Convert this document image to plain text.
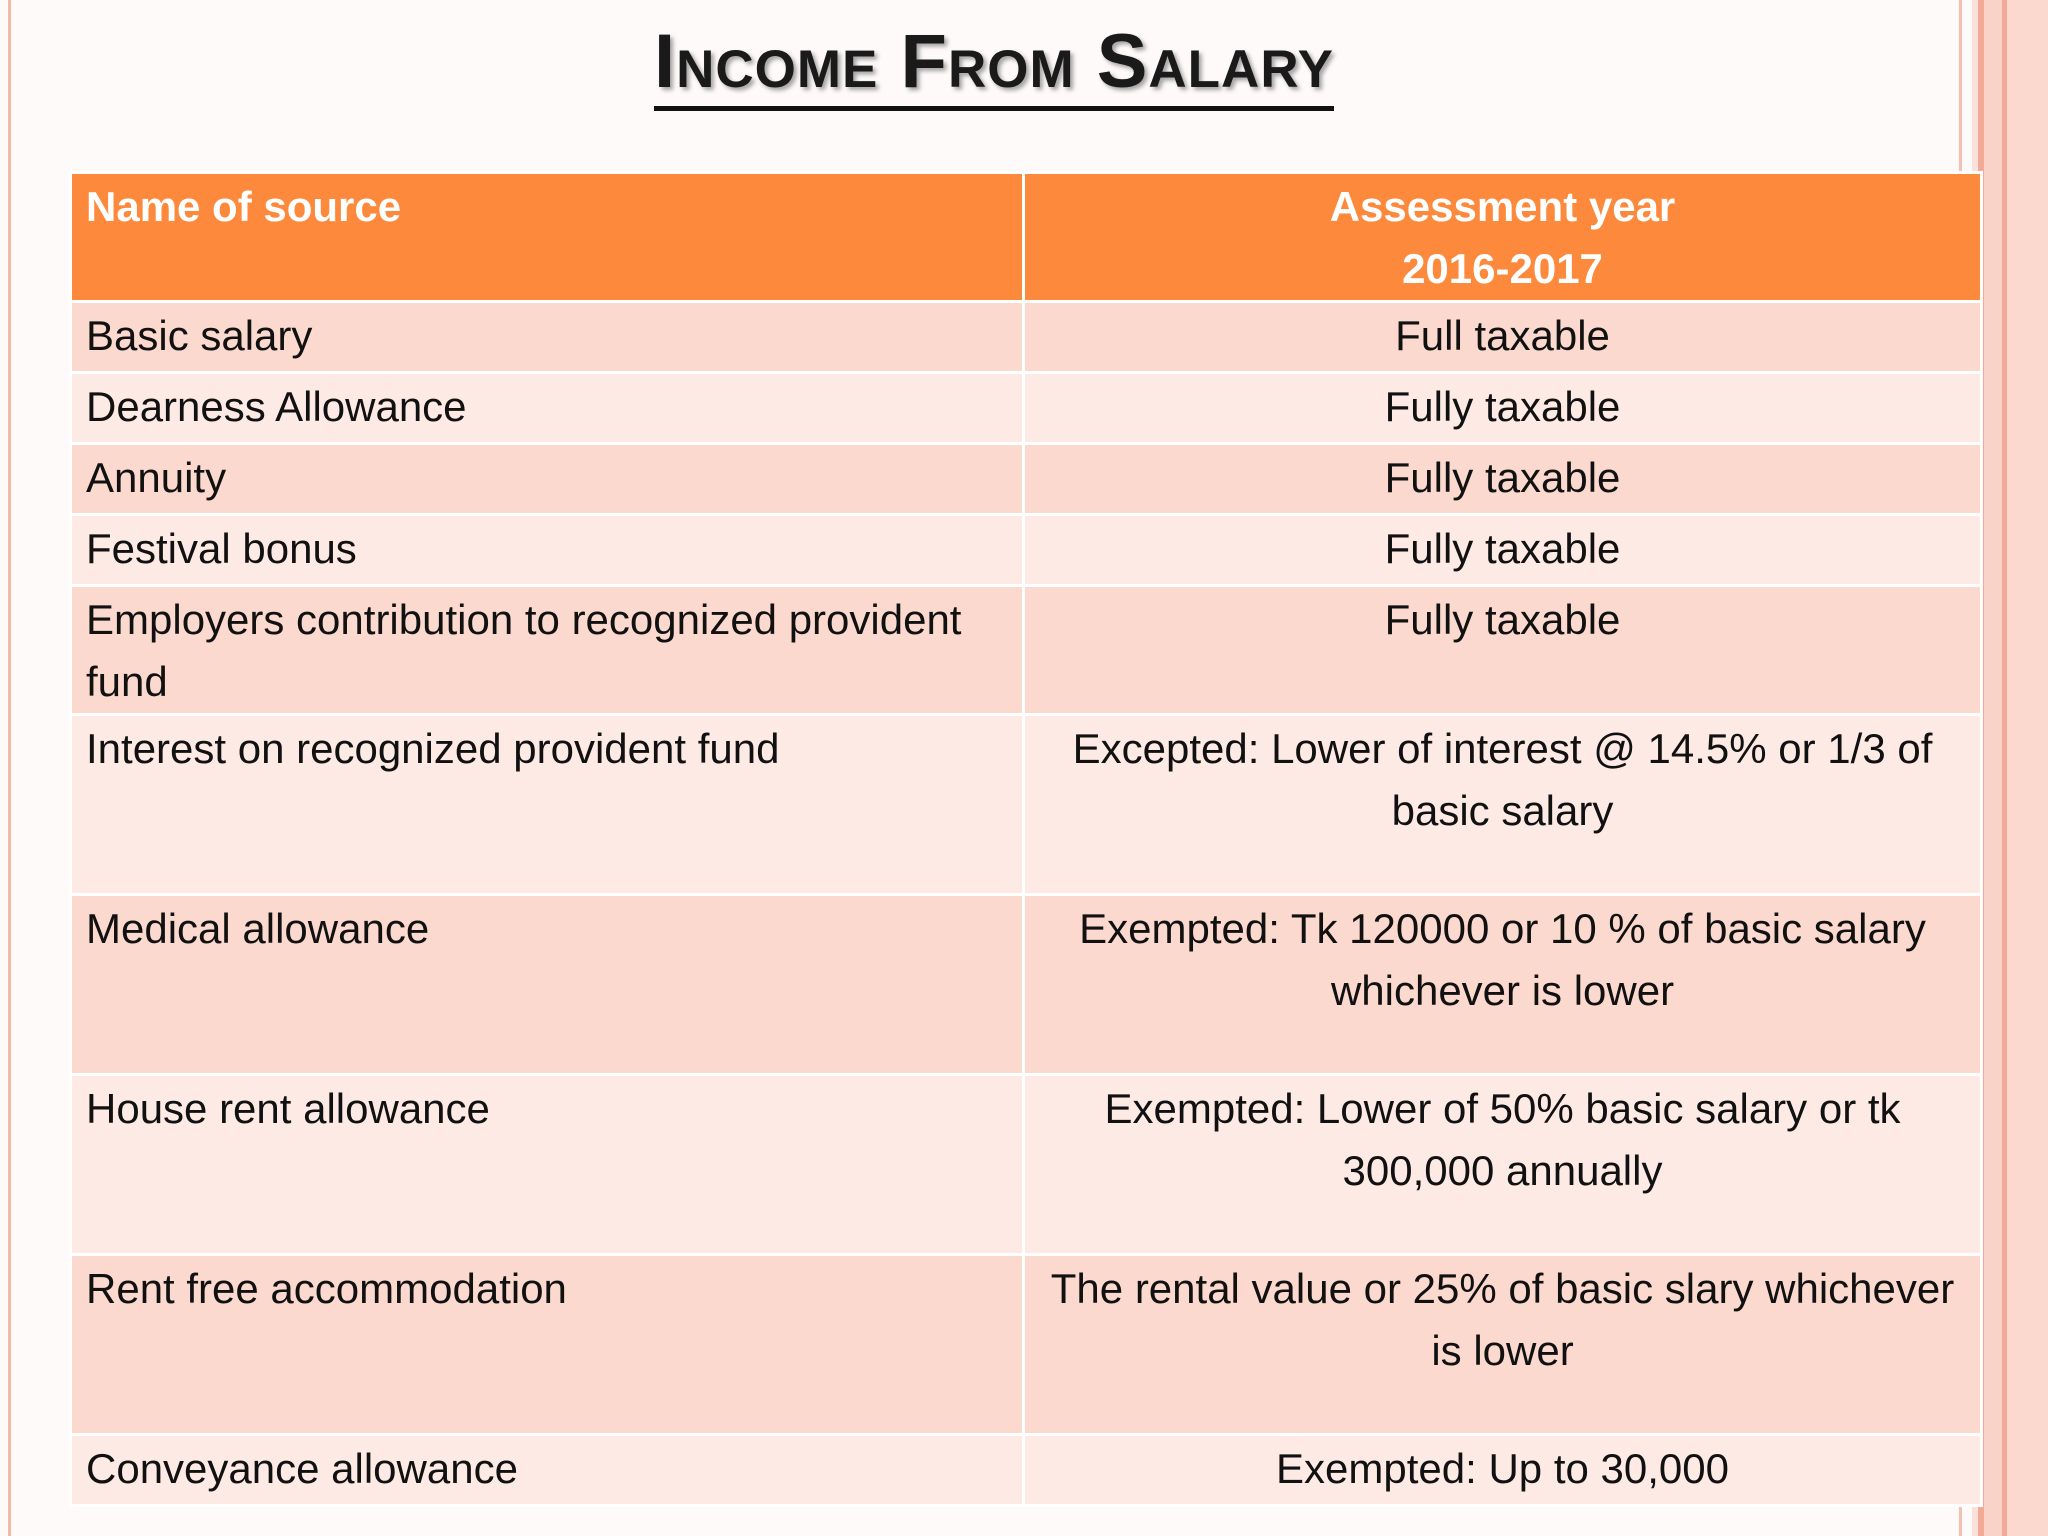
Income From Salary
Name of source	Assessment year
2016-2017

Basic salary	Full taxable
Dearness Allowance	Fully taxable
Annuity	Fully taxable
Festival bonus	Fully taxable
Employers contribution to recognized provident fund	Fully taxable
Interest on recognized provident fund	Excepted: Lower of interest @ 14.5% or 1/3 of basic salary
Medical allowance	Exempted: Tk 120000 or 10 % of basic salary whichever is lower
House rent allowance	Exempted: Lower of 50% basic salary or tk 300,000 annually
Rent free accommodation	The rental value or 25% of basic slary whichever is lower
Conveyance allowance	Exempted: Up to 30,000
